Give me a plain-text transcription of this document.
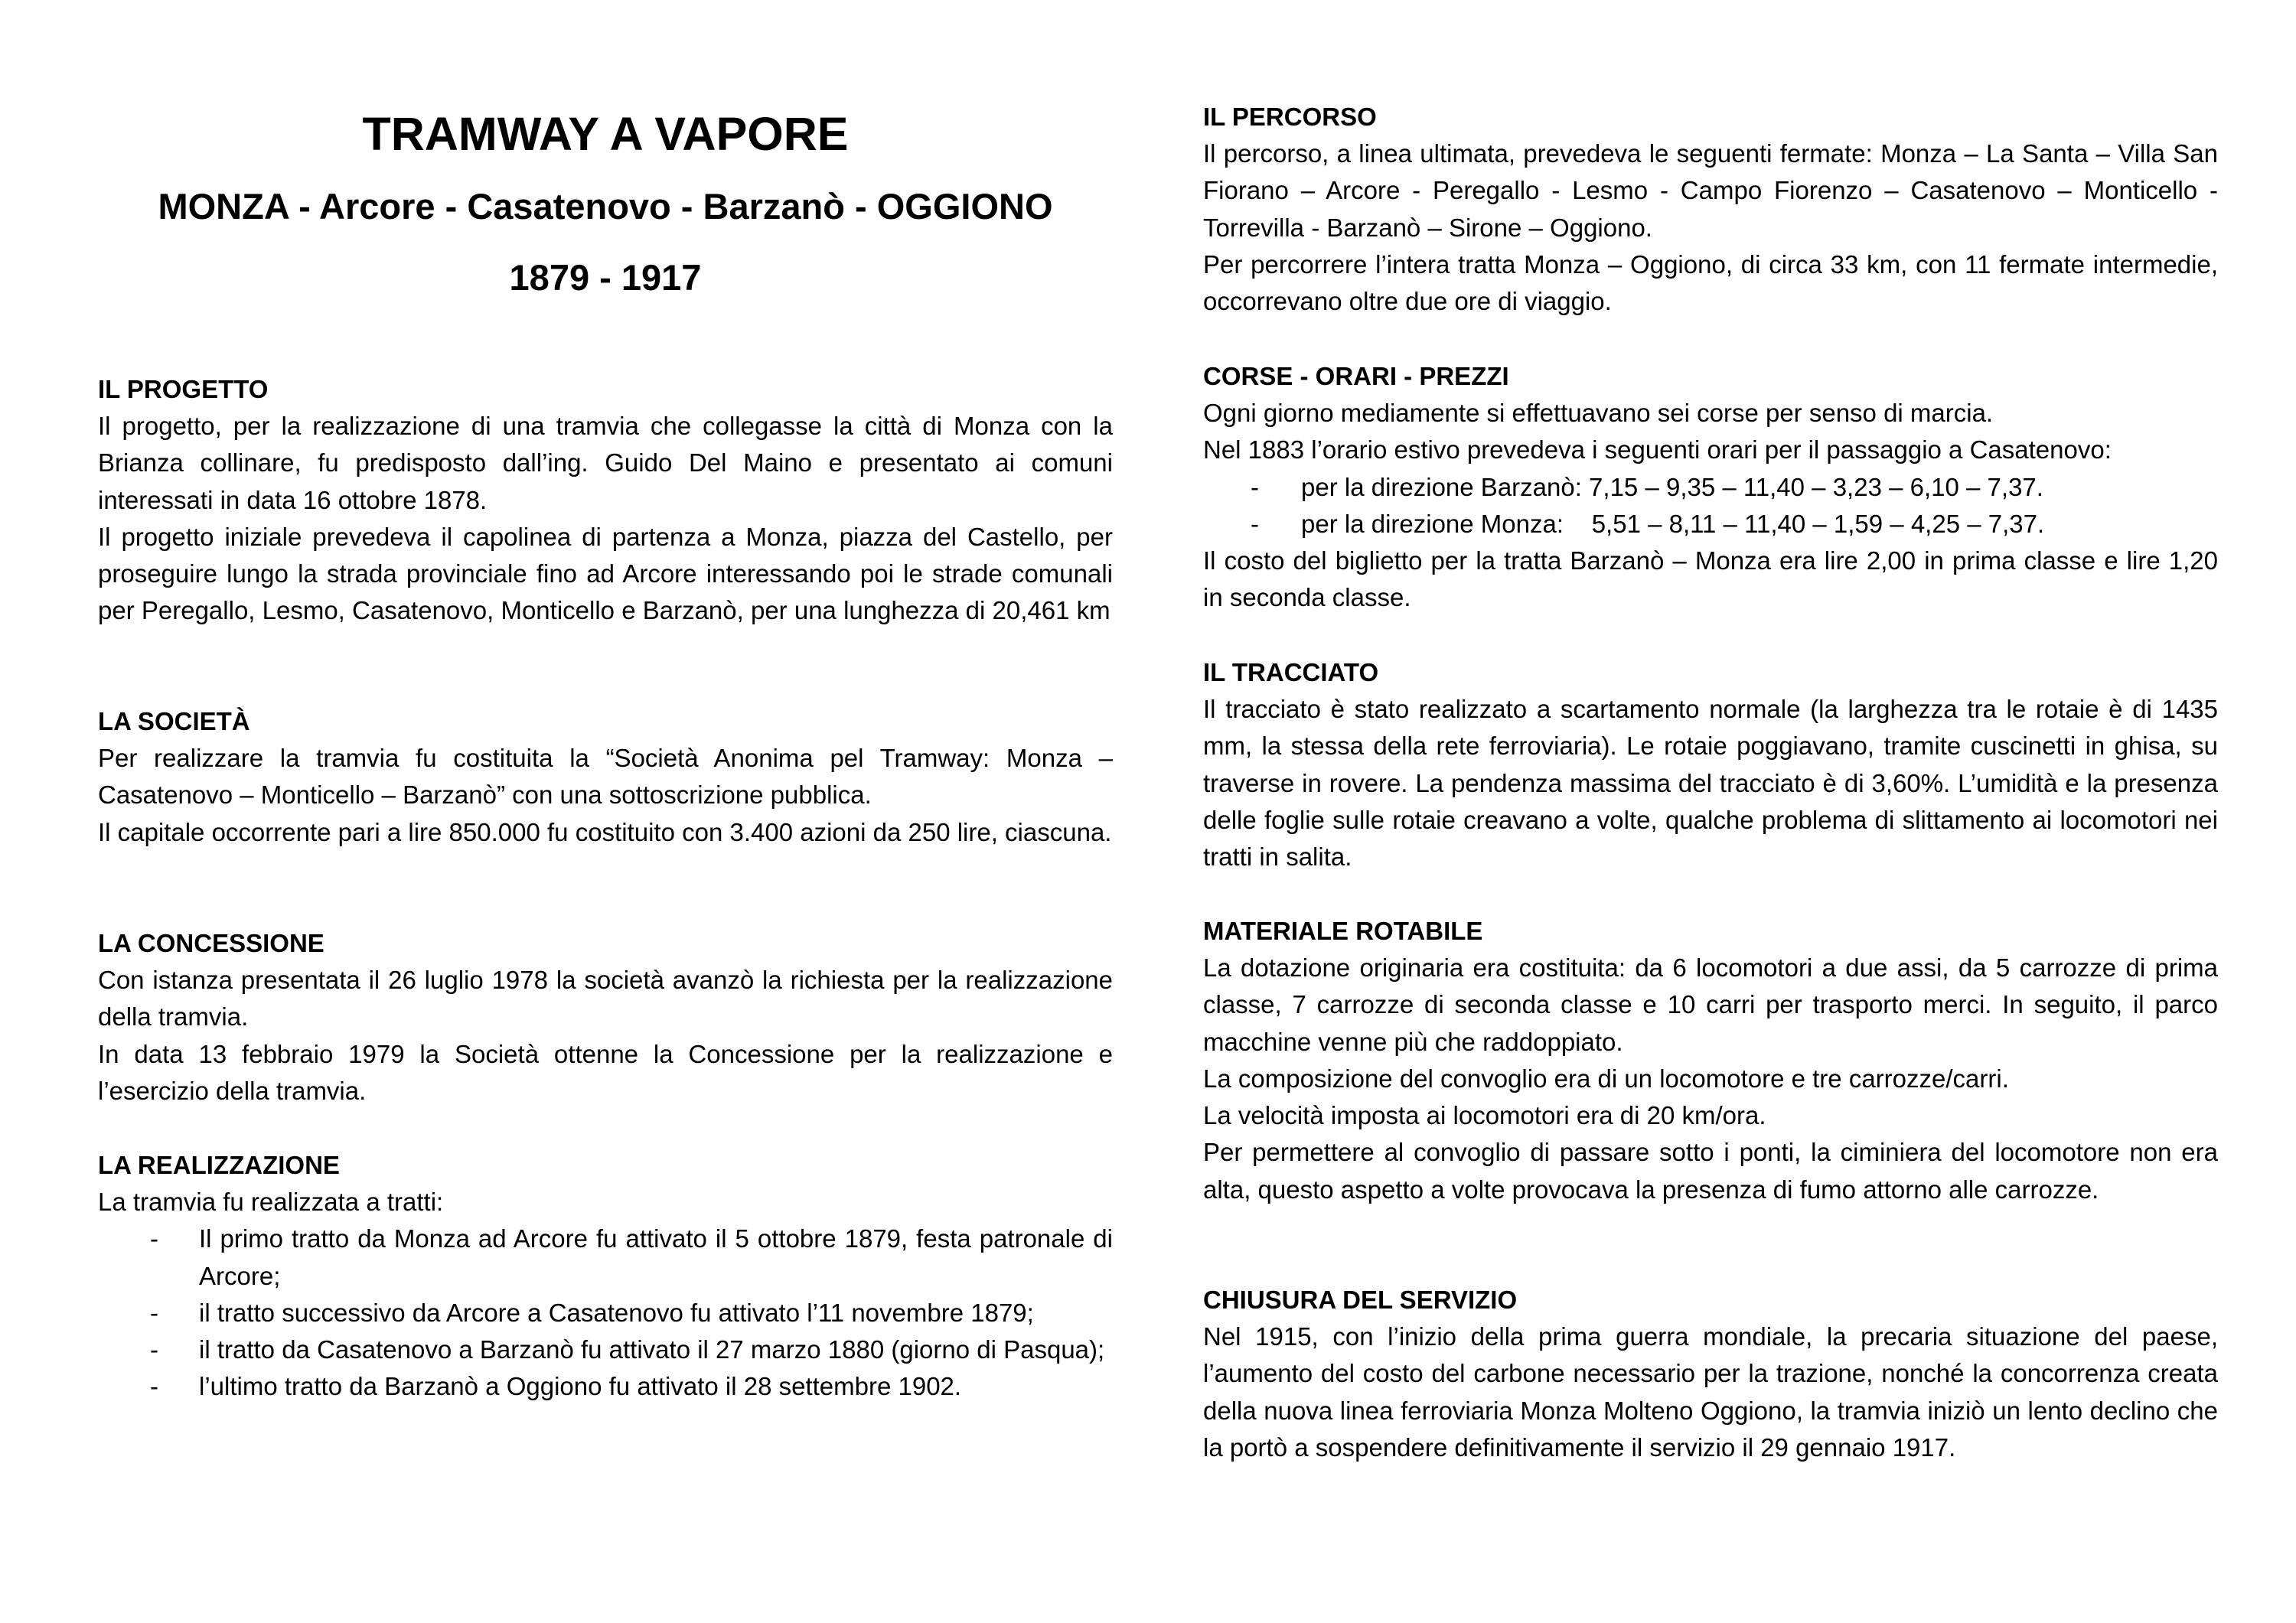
TRAMWAY A VAPORE
MONZA - Arcore - Casatenovo - Barzanò - OGGIONO
1879 - 1917
IL PROGETTO

Il progetto, per la realizzazione di una tramvia che collegasse la città di Monza con la Brianza collinare, fu predisposto dall’ing. Guido Del Maino e presentato ai comuni interessati in data 16 ottobre 1878.

Il progetto iniziale prevedeva il capolinea di partenza a Monza, piazza del Castello, per proseguire lungo la strada provinciale fino ad Arcore interessando poi le strade comunali per Peregallo, Lesmo, Casatenovo, Monticello e Barzanò, per una lunghezza di 20,461 km

LA SOCIETÀ

Per realizzare la tramvia fu costituita la “Società Anonima pel Tramway: Monza – Casatenovo – Monticello – Barzanò” con una sottoscrizione pubblica.

Il capitale occorrente pari a lire 850.000 fu costituito con 3.400 azioni da 250 lire, ciascuna.

LA CONCESSIONE

Con istanza presentata il 26 luglio 1978 la società avanzò la richiesta per la realizzazione della tramvia.

In data 13 febbraio 1979 la Società ottenne la Concessione per la realizzazione e l’esercizio della tramvia.

LA REALIZZAZIONE

La tramvia fu realizzata a tratti:

- Il primo tratto da Monza ad Arcore fu attivato il 5 ottobre 1879, festa patronale di Arcore;
- il tratto successivo da Arcore a Casatenovo fu attivato l’11 novembre 1879;
- il tratto da Casatenovo a Barzanò fu attivato il 27 marzo 1880 (giorno di Pasqua);
- l’ultimo tratto da Barzanò a Oggiono fu attivato il 28 settembre 1902.
IL PERCORSO

Il percorso, a linea ultimata, prevedeva le seguenti fermate: Monza – La Santa – Villa San Fiorano – Arcore - Peregallo - Lesmo - Campo Fiorenzo – Casatenovo – Monticello - Torrevilla - Barzanò – Sirone – Oggiono.

Per percorrere l’intera tratta Monza – Oggiono, di circa 33 km, con 11 fermate intermedie, occorrevano oltre due ore di viaggio.

CORSE - ORARI - PREZZI

Ogni giorno mediamente si effettuavano sei corse per senso di marcia.

Nel 1883 l’orario estivo prevedeva i seguenti orari per il passaggio a Casatenovo:

- per la direzione Barzanò: 7,15 – 9,35 – 11,40 – 3,23 – 6,10 – 7,37.
- per la direzione Monza:    5,51 – 8,11 – 11,40 – 1,59 – 4,25 – 7,37.

Il costo del biglietto per la tratta Barzanò – Monza era lire 2,00 in prima classe e lire 1,20 in seconda classe.

IL TRACCIATO

Il tracciato è stato realizzato a scartamento normale (la larghezza tra le rotaie è di 1435 mm, la stessa della rete ferroviaria). Le rotaie poggiavano, tramite cuscinetti in ghisa, su traverse in rovere. La pendenza massima del tracciato è di 3,60%. L’umidità e la presenza delle foglie sulle rotaie creavano a volte, qualche problema di slittamento ai locomotori nei tratti in salita.

MATERIALE ROTABILE

La dotazione originaria era costituita: da 6 locomotori a due assi, da 5 carrozze di prima classe, 7 carrozze di seconda classe e 10 carri per trasporto merci. In seguito, il parco macchine venne più che raddoppiato.

La composizione del convoglio era di un locomotore e tre carrozze/carri.

La velocità imposta ai locomotori era di 20 km/ora.

Per permettere al convoglio di passare sotto i ponti, la ciminiera del locomotore non era alta, questo aspetto a volte provocava la presenza di fumo attorno alle carrozze.

CHIUSURA DEL SERVIZIO

Nel 1915, con l’inizio della prima guerra mondiale, la precaria situazione del paese, l’aumento del costo del carbone necessario per la trazione, nonché la concorrenza creata della nuova linea ferroviaria Monza Molteno Oggiono, la tramvia iniziò un lento declino che la portò a sospendere definitivamente il servizio il 29 gennaio 1917.
